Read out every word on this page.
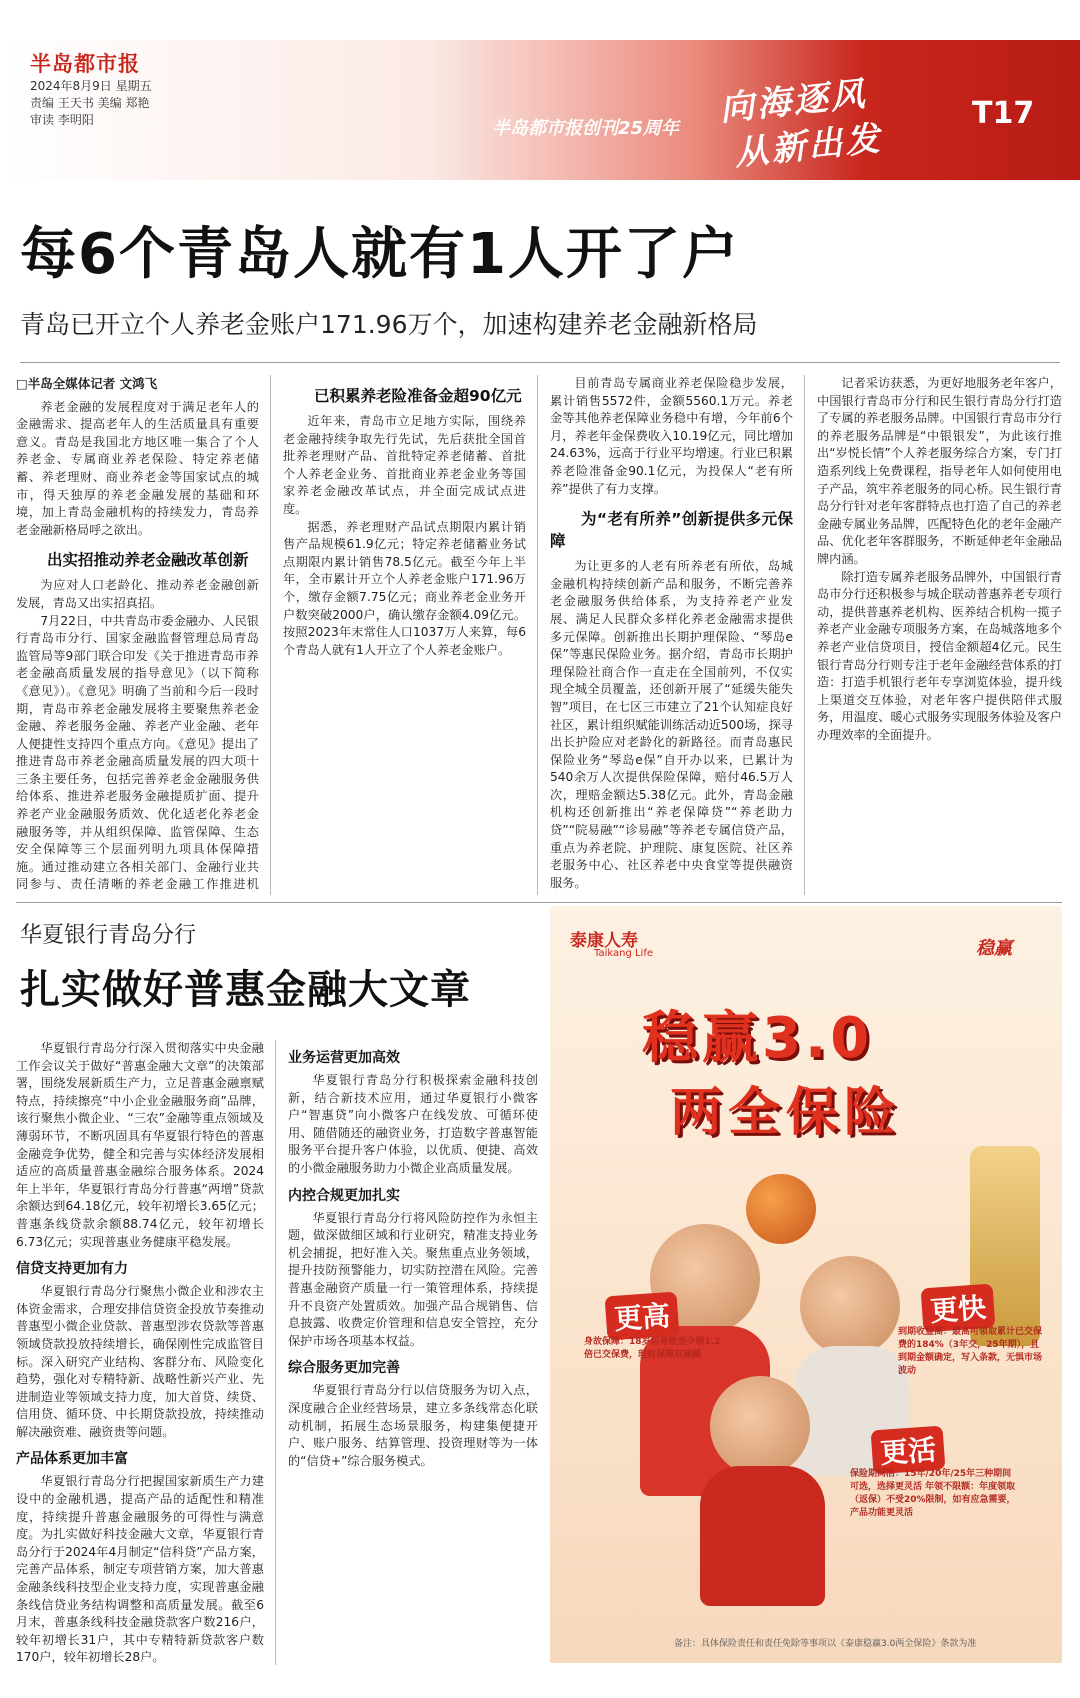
半岛都市报
2024年8月9日 星期五
责编 王天书 美编 郑艳
审读 李明阳	半岛都市报创刊25周年 向海逐风
从新出发
T17
每6个青岛人就有1人开了户
青岛已开立个人养老金账户171.96万个，加速构建养老金融新格局
□半岛全媒体记者 文鸿飞

养老金融的发展程度对于满足老年人的金融需求、提高老年人的生活质量具有重要意义。青岛是我国北方地区唯一集合了个人养老金、专属商业养老保险、特定养老储蓄、养老理财、商业养老金等国家试点的城市，得天独厚的养老金融发展的基础和环境，加上青岛金融机构的持续发力，青岛养老金融新格局呼之欲出。

出实招推动养老金融改革创新

为应对人口老龄化、推动养老金融创新发展，青岛又出实招真招。

7月22日，中共青岛市委金融办、人民银行青岛市分行、国家金融监督管理总局青岛监管局等9部门联合印发《关于推进青岛市养老金融高质量发展的指导意见》（以下简称《意见》）。《意见》明确了当前和今后一段时期，青岛市养老金融发展将主要聚焦养老金金融、养老服务金融、养老产业金融、老年人便捷性支持四个重点方向。《意见》提出了推进青岛市养老金融高质量发展的四大项十三条主要任务，包括完善养老金金融服务供给体系、推进养老服务金融提质扩面、提升养老产业金融服务质效、优化适老化养老金融服务等，并从组织保障、监管保障、生态安全保障等三个层面列明九项具体保障措施。通过推动建立各相关部门、金融行业共同参与、责任清晰的养老金融工作推进机

已积累养老险准备金超90亿元

近年来，青岛市立足地方实际，围绕养老金融持续争取先行先试，先后获批全国首批养老理财产品、首批特定养老储蓄、首批个人养老金业务、首批商业养老金业务等国家养老金融改革试点，并全面完成试点进度。

据悉，养老理财产品试点期限内累计销售产品规模61.9亿元；特定养老储蓄业务试点期限内累计销售78.5亿元。截至今年上半年，全市累计开立个人养老金账户171.96万个，缴存金额7.75亿元；商业养老金业务开户数突破2000户，确认缴存金额4.09亿元。按照2023年末常住人口1037万人来算，每6个青岛人就有1人开立了个人养老金账户。

目前青岛专属商业养老保险稳步发展，累计销售5572件，金额5560.1万元。养老金等其他养老保障业务稳中有增，今年前6个月，养老年金保费收入10.19亿元，同比增加24.63%，远高于行业平均增速。行业已积累养老险准备金90.1亿元，为投保人“老有所养”提供了有力支撑。

为“老有所养”创新提供多元保障

为让更多的人老有所养老有所依，岛城金融机构持续创新产品和服务，不断完善养老金融服务供给体系，为支持养老产业发展、满足人民群众多样化养老金融需求提供多元保障。创新推出长期护理保险、“琴岛e保”等惠民保险业务。据介绍，青岛市长期护理保险社商合作一直走在全国前列，不仅实现全城全员覆盖，还创新开展了“延缓失能失智”项目，在七区三市建立了21个认知症良好社区，累计组织赋能训练活动近500场，探寻出长护险应对老龄化的新路径。而青岛惠民保险业务“琴岛e保”自开办以来，已累计为540余万人次提供保险保障，赔付46.5万人次，理赔金额达5.38亿元。此外，青岛金融机构还创新推出“养老保障贷”“养老助力贷”“院易融”“诊易融”等养老专属信贷产品，重点为养老院、护理院、康复医院、社区养老服务中心、社区养老中央食堂等提供融资服务。

记者采访获悉，为更好地服务老年客户，中国银行青岛市分行和民生银行青岛分行打造了专属的养老服务品牌。中国银行青岛市分行的养老服务品牌是“中银银发”，为此该行推出“岁悦长情”个人养老服务综合方案，专门打造系列线上免费课程，指导老年人如何使用电子产品，筑牢养老服务的同心桥。民生银行青岛分行针对老年客群特点也打造了自己的养老金融专属业务品牌，匹配特色化的老年金融产品、优化老年客群服务，不断延伸老年金融品牌内涵。

除打造专属养老服务品牌外，中国银行青岛市分行还积极参与城企联动普惠养老专项行动，提供普惠养老机构、医养结合机构一揽子养老产业金融专项服务方案，在岛城落地多个养老产业信贷项目，授信金额超4亿元。民生银行青岛分行则专注于老年金融经营体系的打造：打造手机银行老年专享浏览体验，提升线上渠道交互体验，对老年客户提供陪伴式服务，用温度、暖心式服务实现服务体验及客户办理效率的全面提升。

华夏银行青岛分行
扎实做好普惠金融大文章

华夏银行青岛分行深入贯彻落实中央金融工作会议关于做好“普惠金融大文章”的决策部署，围绕发展新质生产力，立足普惠金融禀赋特点，持续擦亮“中小企业金融服务商”品牌，该行聚焦小微企业、“三农”金融等重点领域及薄弱环节，不断巩固具有华夏银行特色的普惠金融竞争优势，健全和完善与实体经济发展相适应的高质量普惠金融综合服务体系。2024年上半年，华夏银行青岛分行普惠“两增”贷款余额达到64.18亿元，较年初增长3.65亿元；普惠条线贷款余额88.74亿元，较年初增长6.73亿元；实现普惠业务健康平稳发展。

信贷支持更加有力

华夏银行青岛分行聚焦小微企业和涉农主体资金需求，合理安排信贷资金投放节奏推动普惠型小微企业贷款、普惠型涉农贷款等普惠领域贷款投放持续增长，确保刚性完成监管目标。深入研究产业结构、客群分布、风险变化趋势，强化对专精特新、战略性新兴产业、先进制造业等领域支持力度，加大首贷、续贷、信用贷、循环贷、中长期贷款投放，持续推动解决融资难、融资贵等问题。

产品体系更加丰富

华夏银行青岛分行把握国家新质生产力建设中的金融机遇，提高产品的适配性和精准度，持续提升普惠金融服务的可得性与满意度。为扎实做好科技金融大文章，华夏银行青岛分行于2024年4月制定“信科贷”产品方案，完善产品体系，制定专项营销方案，加大普惠金融条线科技型企业支持力度，实现普惠金融条线信贷业务结构调整和高质量发展。截至6月末，普惠条线科技金融贷款客户数216户，较年初增长31户，其中专精特新贷款客户数170户，较年初增长28户。

业务运营更加高效

华夏银行青岛分行积极探索金融科技创新，结合新技术应用，通过华夏银行小微客户“智惠贷”向小微客户在线发放、可循环使用、随借随还的融资业务，打造数字普惠智能服务平台提升客户体验，以优质、便捷、高效的小微金融服务助力小微企业高质量发展。

内控合规更加扎实

华夏银行青岛分行将风险防控作为永恒主题，做深做细区域和行业研究，精准支持业务机会捕捉，把好准入关。聚焦重点业务领域，提升技防预警能力，切实防控潜在风险。完善普惠金融资产质量一行一策管理体系，持续提升不良资产处置质效。加强产品合规销售、信息披露、收费定价管理和信息安全管控，充分保护市场各项基本权益。

综合服务更加完善

华夏银行青岛分行以信贷服务为切入点，深度融合企业经营场景，建立多条线常态化联动机制，拓展生态场景服务，构建集便捷开户、账户服务、结算管理、投资理财等为一体的“信贷+”综合服务模式。

泰康人寿
Taikang Life	稳赢
稳赢3.0
两全保险
更高
身故保障：18岁后身故至少领1.2倍已交保费，理财保障双兼顾
更快
到期收益高：最高可领取累计已交保费的184%（3年交，25年期），且到期金额确定，写入条款，无惧市场波动
更活
保险期间活：15年/20年/25年三种期间可选，选择更灵活 年领不限额：年度领取（返保）不受20%限制，如有应急需要，产品功能更灵活
备注：具体保险责任和责任免除等事项以《泰康稳赢3.0两全保险》条款为准
